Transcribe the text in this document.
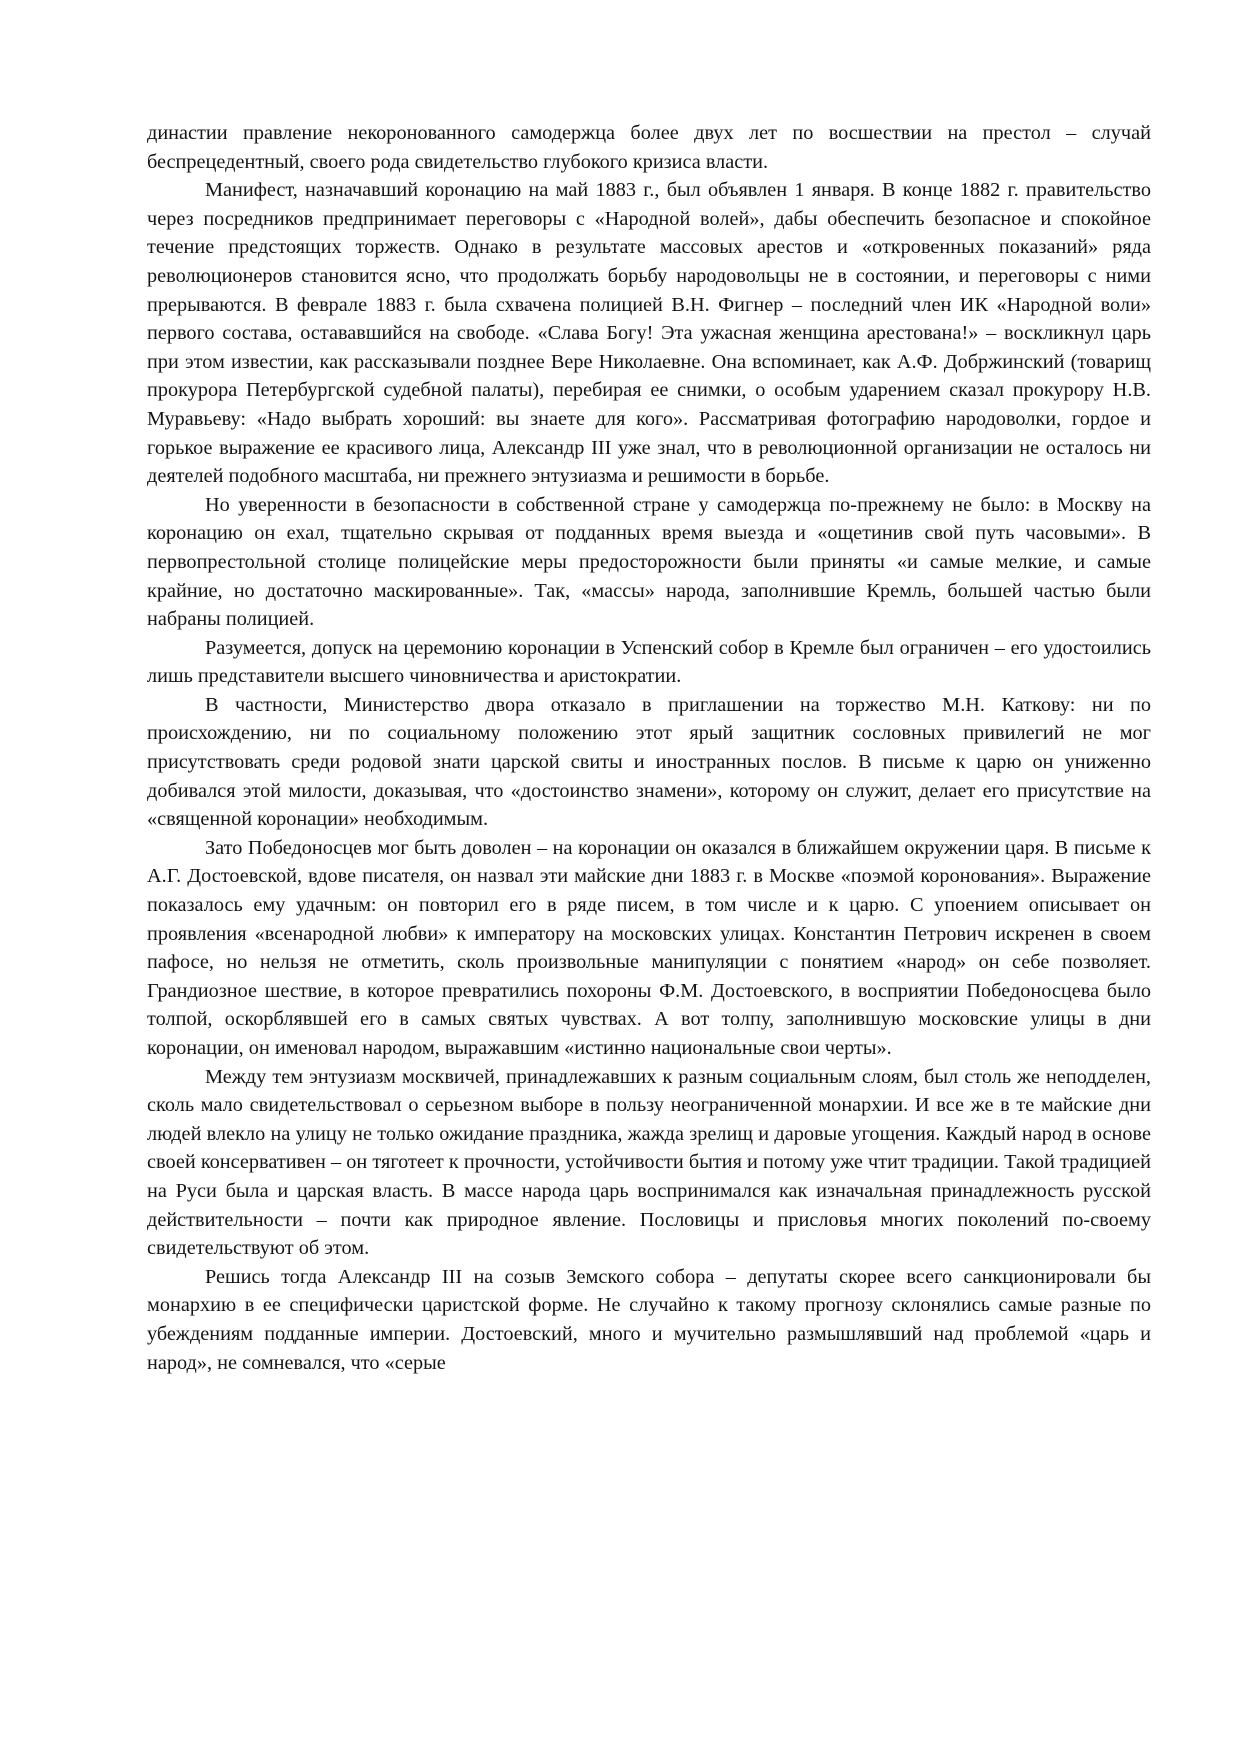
династии правление некоронованного самодержца более двух лет по восшествии на престол – случай беспрецедентный, своего рода свидетельство глубокого кризиса власти.

Манифест, назначавший коронацию на май 1883 г., был объявлен 1 января. В конце 1882 г. правительство через посредников предпринимает переговоры с «Народной волей», дабы обеспечить безопасное и спокойное течение предстоящих торжеств. Однако в результате массовых арестов и «откровенных показаний» ряда революционеров становится ясно, что продолжать борьбу народовольцы не в состоянии, и переговоры с ними прерываются. В феврале 1883 г. была схвачена полицией В.Н. Фигнер – последний член ИК «Народной воли» первого состава, остававшийся на свободе. «Слава Богу! Эта ужасная женщина арестована!» – воскликнул царь при этом известии, как рассказывали позднее Вере Николаевне. Она вспоминает, как А.Ф. Добржинский (товарищ прокурора Петербургской судебной палаты), перебирая ее снимки, о особым ударением сказал прокурору Н.В. Муравьеву: «Надо выбрать хороший: вы знаете для кого». Рассматривая фотографию народоволки, гордое и горькое выражение ее красивого лица, Александр III уже знал, что в революционной организации не осталось ни деятелей подобного масштаба, ни прежнего энтузиазма и решимости в борьбе.

Но уверенности в безопасности в собственной стране у самодержца по-прежнему не было: в Москву на коронацию он ехал, тщательно скрывая от подданных время выезда и «ощетинив свой путь часовыми». В первопрестольной столице полицейские меры предосторожности были приняты «и самые мелкие, и самые крайние, но достаточно маскированные». Так, «массы» народа, заполнившие Кремль, большей частью были набраны полицией.

Разумеется, допуск на церемонию коронации в Успенский собор в Кремле был ограничен – его удостоились лишь представители высшего чиновничества и аристократии.

В частности, Министерство двора отказало в приглашении на торжество М.Н. Каткову: ни по происхождению, ни по социальному положению этот ярый защитник сословных привилегий не мог присутствовать среди родовой знати царской свиты и иностранных послов. В письме к царю он униженно добивался этой милости, доказывая, что «достоинство знамени», которому он служит, делает его присутствие на «священной коронации» необходимым.

Зато Победоносцев мог быть доволен – на коронации он оказался в ближайшем окружении царя. В письме к А.Г. Достоевской, вдове писателя, он назвал эти майские дни 1883 г. в Москве «поэмой коронования». Выражение показалось ему удачным: он повторил его в ряде писем, в том числе и к царю. С упоением описывает он проявления «всенародной любви» к императору на московских улицах. Константин Петрович искренен в своем пафосе, но нельзя не отметить, сколь произвольные манипуляции с понятием «народ» он себе позволяет. Грандиозное шествие, в которое превратились похороны Ф.М. Достоевского, в восприятии Победоносцева было толпой, оскорблявшей его в самых святых чувствах. А вот толпу, заполнившую московские улицы в дни коронации, он именовал народом, выражавшим «истинно национальные свои черты».

Между тем энтузиазм москвичей, принадлежавших к разным социальным слоям, был столь же неподделен, сколь мало свидетельствовал о серьезном выборе в пользу неограниченной монархии. И все же в те майские дни людей влекло на улицу не только ожидание праздника, жажда зрелищ и даровые угощения. Каждый народ в основе своей консервативен – он тяготеет к прочности, устойчивости бытия и потому уже чтит традиции. Такой традицией на Руси была и царская власть. В массе народа царь воспринимался как изначальная принадлежность русской действительности – почти как природное явление. Пословицы и присловья многих поколений по-своему свидетельствуют об этом.

Решись тогда Александр III на созыв Земского собора – депутаты скорее всего санкционировали бы монархию в ее специфически царистской форме. Не случайно к такому прогнозу склонялись самые разные по убеждениям подданные империи. Достоевский, много и мучительно размышлявший над проблемой «царь и народ», не сомневался, что «серые
